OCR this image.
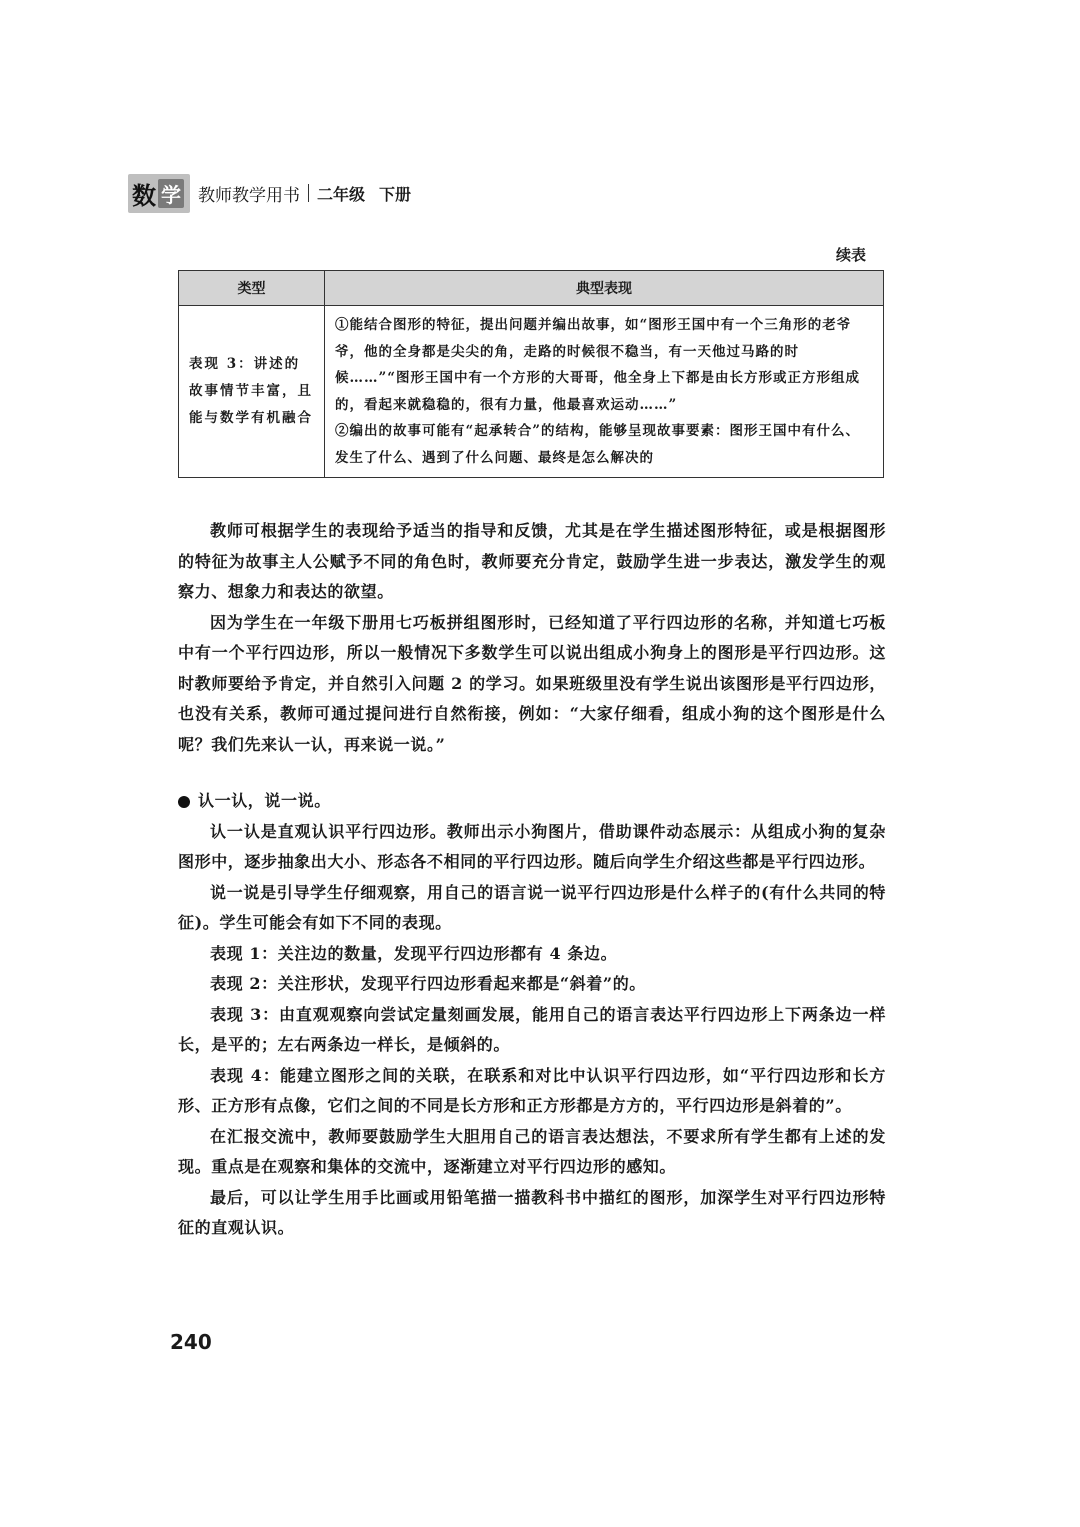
数 学 教师教学用书 二年级 下册
续表
类型	典型表现
表现 3：讲述的故事情节丰富，且能与数学有机融合	①能结合图形的特征，提出问题并编出故事，如“图形王国中有一个三角形的老爷爷，他的全身都是尖尖的角，走路的时候很不稳当，有一天他过马路的时候……”“图形王国中有一个方形的大哥哥，他全身上下都是由长方形或正方形组成的，看起来就稳稳的，很有力量，他最喜欢运动……”

②编出的故事可能有“起承转合”的结构，能够呈现故事要素：图形王国中有什么、发生了什么、遇到了什么问题、最终是怎么解决的

教师可根据学生的表现给予适当的指导和反馈，尤其是在学生描述图形特征，或是根据图形的特征为故事主人公赋予不同的角色时，教师要充分肯定，鼓励学生进一步表达，激发学生的观察力、想象力和表达的欲望。

因为学生在一年级下册用七巧板拼组图形时，已经知道了平行四边形的名称，并知道七巧板中有一个平行四边形，所以一般情况下多数学生可以说出组成小狗身上的图形是平行四边形。这时教师要给予肯定，并自然引入问题 2 的学习。如果班级里没有学生说出该图形是平行四边形，也没有关系，教师可通过提问进行自然衔接，例如：“大家仔细看，组成小狗的这个图形是什么呢？我们先来认一认，再来说一说。”

认一认，说一说。

认一认是直观认识平行四边形。教师出示小狗图片，借助课件动态展示：从组成小狗的复杂图形中，逐步抽象出大小、形态各不相同的平行四边形。随后向学生介绍这些都是平行四边形。

说一说是引导学生仔细观察，用自己的语言说一说平行四边形是什么样子的(有什么共同的特征)。学生可能会有如下不同的表现。

表现 1：关注边的数量，发现平行四边形都有 4 条边。

表现 2：关注形状，发现平行四边形看起来都是“斜着”的。

表现 3：由直观观察向尝试定量刻画发展，能用自己的语言表达平行四边形上下两条边一样长，是平的；左右两条边一样长，是倾斜的。

表现 4：能建立图形之间的关联，在联系和对比中认识平行四边形，如“平行四边形和长方形、正方形有点像，它们之间的不同是长方形和正方形都是方方的，平行四边形是斜着的”。

在汇报交流中，教师要鼓励学生大胆用自己的语言表达想法，不要求所有学生都有上述的发现。重点是在观察和集体的交流中，逐渐建立对平行四边形的感知。

最后，可以让学生用手比画或用铅笔描一描教科书中描红的图形，加深学生对平行四边形特征的直观认识。

240
